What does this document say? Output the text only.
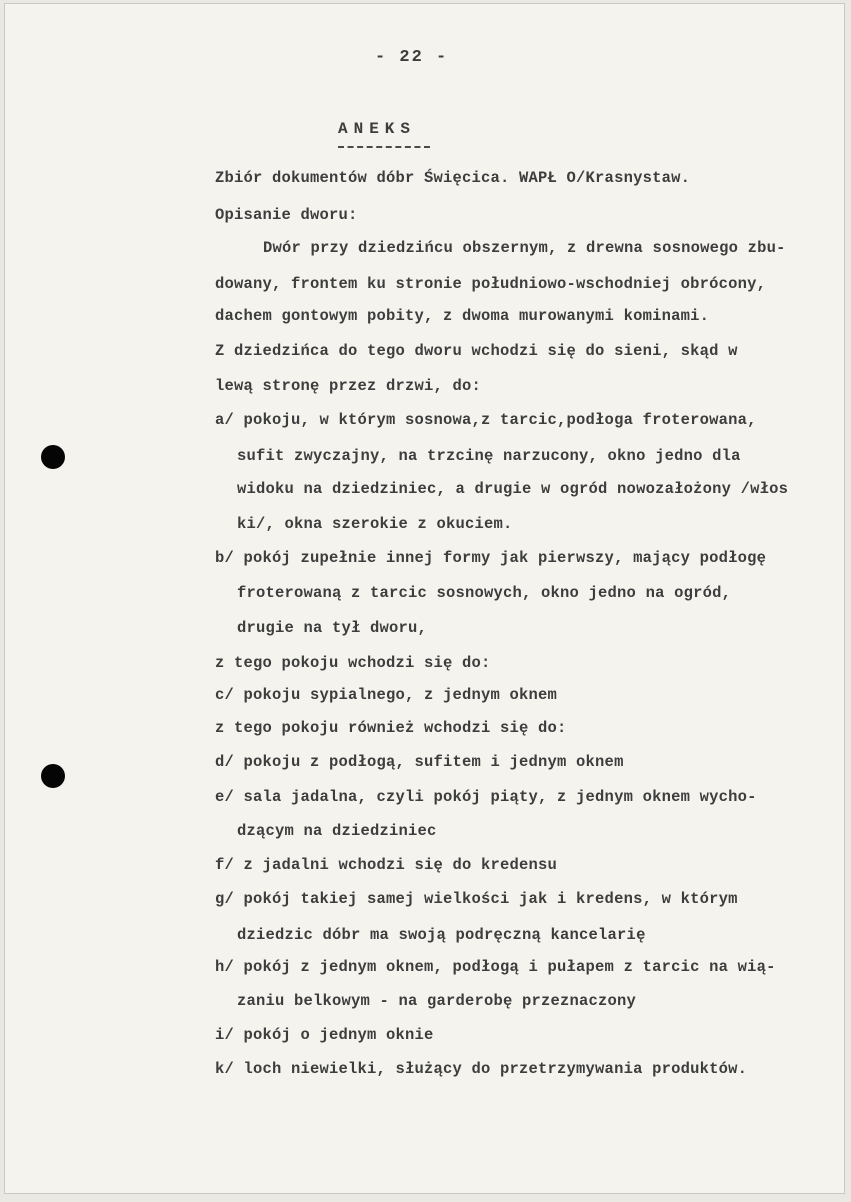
- 22 -
ANEKS
Zbiór dokumentów dóbr Święcica. WAPŁ O/Krasnystaw.
Opisanie dworu:
Dwór przy dziedzińcu obszernym, z drewna sosnowego zbu-
dowany, frontem ku stronie południowo-wschodniej obrócony,
dachem gontowym pobity, z dwoma murowanymi kominami.
Z dziedzińca do tego dworu wchodzi się do sieni, skąd w
lewą stronę przez drzwi, do:
a/ pokoju, w którym sosnowa,z tarcic,podłoga froterowana,
sufit zwyczajny, na trzcinę narzucony, okno jedno dla
widoku na dziedziniec, a drugie w ogród nowozałożony /włos
ki/, okna szerokie z okuciem.
b/ pokój zupełnie innej formy jak pierwszy, mający podłogę
froterowaną z tarcic sosnowych, okno jedno na ogród,
drugie na tył dworu,
z tego pokoju wchodzi się do:
c/ pokoju sypialnego, z jednym oknem
z tego pokoju również wchodzi się do:
d/ pokoju z podłogą, sufitem i jednym oknem
e/ sala jadalna, czyli pokój piąty, z jednym oknem wycho-
dzącym na dziedziniec
f/ z jadalni wchodzi się do kredensu
g/ pokój takiej samej wielkości jak i kredens, w którym
dziedzic dóbr ma swoją podręczną kancelarię
h/ pokój z jednym oknem, podłogą i pułapem z tarcic na wią-
zaniu belkowym - na garderobę przeznaczony
i/ pokój o jednym oknie
k/ loch niewielki, służący do przetrzymywania produktów.
